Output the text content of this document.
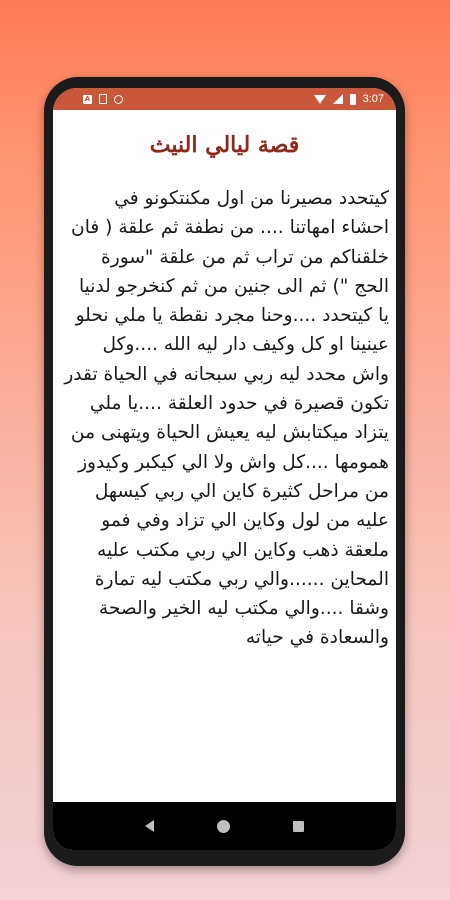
A	3:07
قصة ليالي النيث

كيتحدد مصيرنا من اول مكنتكونو في احشاء امهاتنا .... من نطفة ثم علقة ( فان خلقناكم من تراب ثم من علقة "سورة الحج ") ثم الى جنين من ثم كنخرجو لدنيا يا كيتحدد ....وحنا مجرد نقطة يا ملي نحلو عينينا او كل وكيف دار ليه الله ....وكل واش محدد ليه ربي سبحانه في الحياة تقدر تكون قصيرة في حدود العلقة ....يا ملي يتزاد ميكتابش ليه يعيش الحياة ويتهنى من همومها ....كل واش ولا الي كيكبر وكيدوز من مراحل كثيرة كاين الي ربي كيسهل عليه من لول وكاين الي تزاد وفي فمو ملعقة ذهب وكاين الي ربي مكتب عليه المحاين ......والي ربي مكتب ليه تمارة وشقا ....والي مكتب ليه الخير والصحة والسعادة في حياته
